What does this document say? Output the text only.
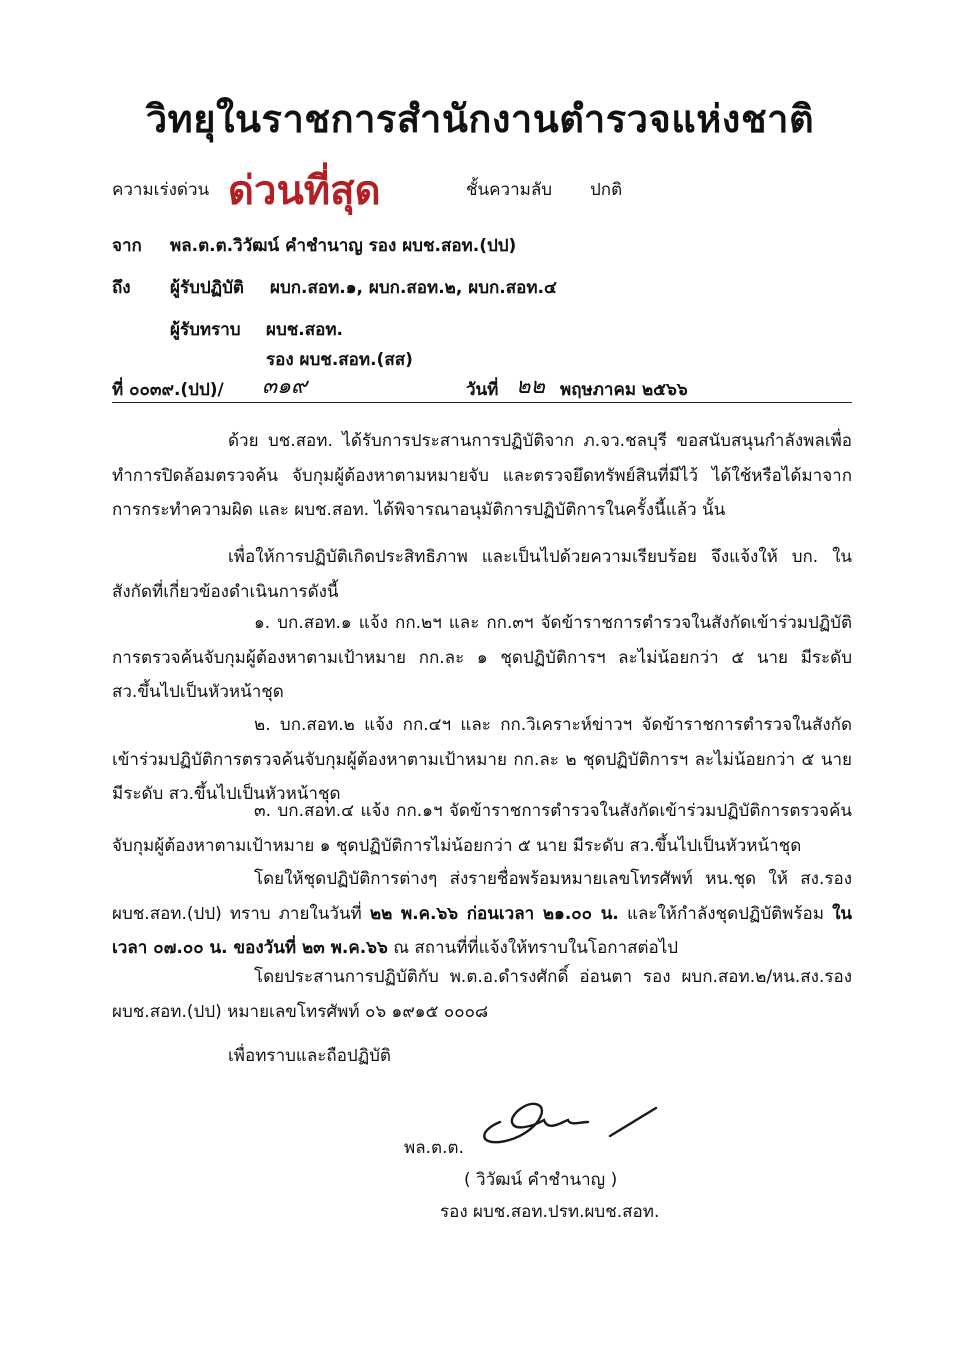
วิทยุในราชการสำนักงานตำรวจแห่งชาติ
ความเร่งด่วน ด่วนที่สุด	ชั้นความลับ ปกติ
จาก พล.ต.ต.วิวัฒน์ คำชำนาญ รอง ผบช.สอท.(ปป)
ถึง ผู้รับปฏิบัติ ผบก.สอท.๑, ผบก.สอท.๒, ผบก.สอท.๔
ผู้รับทราบ ผบช.สอท.
รอง ผบช.สอท.(สส)
ที่ ๐๐๓๙.(ปป)/ ๓๑๙	วันที่ ๒๒ พฤษภาคม ๒๕๖๖
ด้วย บช.สอท. ได้รับการประสานการปฏิบัติจาก ภ.จว.ชลบุรี ขอสนับสนุนกำลังพลเพื่อทำการปิดล้อมตรวจค้น จับกุมผู้ต้องหาตามหมายจับ และตรวจยึดทรัพย์สินที่มีไว้ ได้ใช้หรือได้มาจากการกระทำความผิด และ ผบช.สอท. ได้พิจารณาอนุมัติการปฏิบัติการในครั้งนี้แล้ว นั้น
เพื่อให้การปฏิบัติเกิดประสิทธิภาพ และเป็นไปด้วยความเรียบร้อย จึงแจ้งให้ บก. ในสังกัดที่เกี่ยวข้องดำเนินการดังนี้
๑. บก.สอท.๑ แจ้ง กก.๒ฯ และ กก.๓ฯ จัดข้าราชการตำรวจในสังกัดเข้าร่วมปฏิบัติการตรวจค้นจับกุมผู้ต้องหาตามเป้าหมาย กก.ละ ๑ ชุดปฏิบัติการฯ ละไม่น้อยกว่า ๕ นาย มีระดับ สว.ขึ้นไปเป็นหัวหน้าชุด
๒. บก.สอท.๒ แจ้ง กก.๔ฯ และ กก.วิเคราะห์ข่าวฯ จัดข้าราชการตำรวจในสังกัดเข้าร่วมปฏิบัติการตรวจค้นจับกุมผู้ต้องหาตามเป้าหมาย กก.ละ ๒ ชุดปฏิบัติการฯ ละไม่น้อยกว่า ๕ นาย มีระดับ สว.ขึ้นไปเป็นหัวหน้าชุด
๓. บก.สอท.๔ แจ้ง กก.๑ฯ จัดข้าราชการตำรวจในสังกัดเข้าร่วมปฏิบัติการตรวจค้นจับกุมผู้ต้องหาตามเป้าหมาย ๑ ชุดปฏิบัติการไม่น้อยกว่า ๕ นาย มีระดับ สว.ขึ้นไปเป็นหัวหน้าชุด
โดยให้ชุดปฏิบัติการต่างๆ ส่งรายชื่อพร้อมหมายเลขโทรศัพท์ หน.ชุด ให้ สง.รอง ผบช.สอท.(ปป) ทราบ ภายในวันที่ ๒๒ พ.ค.๖๖ ก่อนเวลา ๒๑.๐๐ น. และให้กำลังชุดปฏิบัติพร้อม ในเวลา ๐๗.๐๐ น. ของวันที่ ๒๓ พ.ค.๖๖ ณ สถานที่ที่แจ้งให้ทราบในโอกาสต่อไป
โดยประสานการปฏิบัติกับ พ.ต.อ.ดำรงศักดิ์ อ่อนตา รอง ผบก.สอท.๒/หน.สง.รอง ผบช.สอท.(ปป) หมายเลขโทรศัพท์ ๐๖ ๑๙๑๕ ๐๐๐๘
เพื่อทราบและถือปฏิบัติ
พล.ต.ต.
( วิวัฒน์ คำชำนาญ )
รอง ผบช.สอท.ปรท.ผบช.สอท.
